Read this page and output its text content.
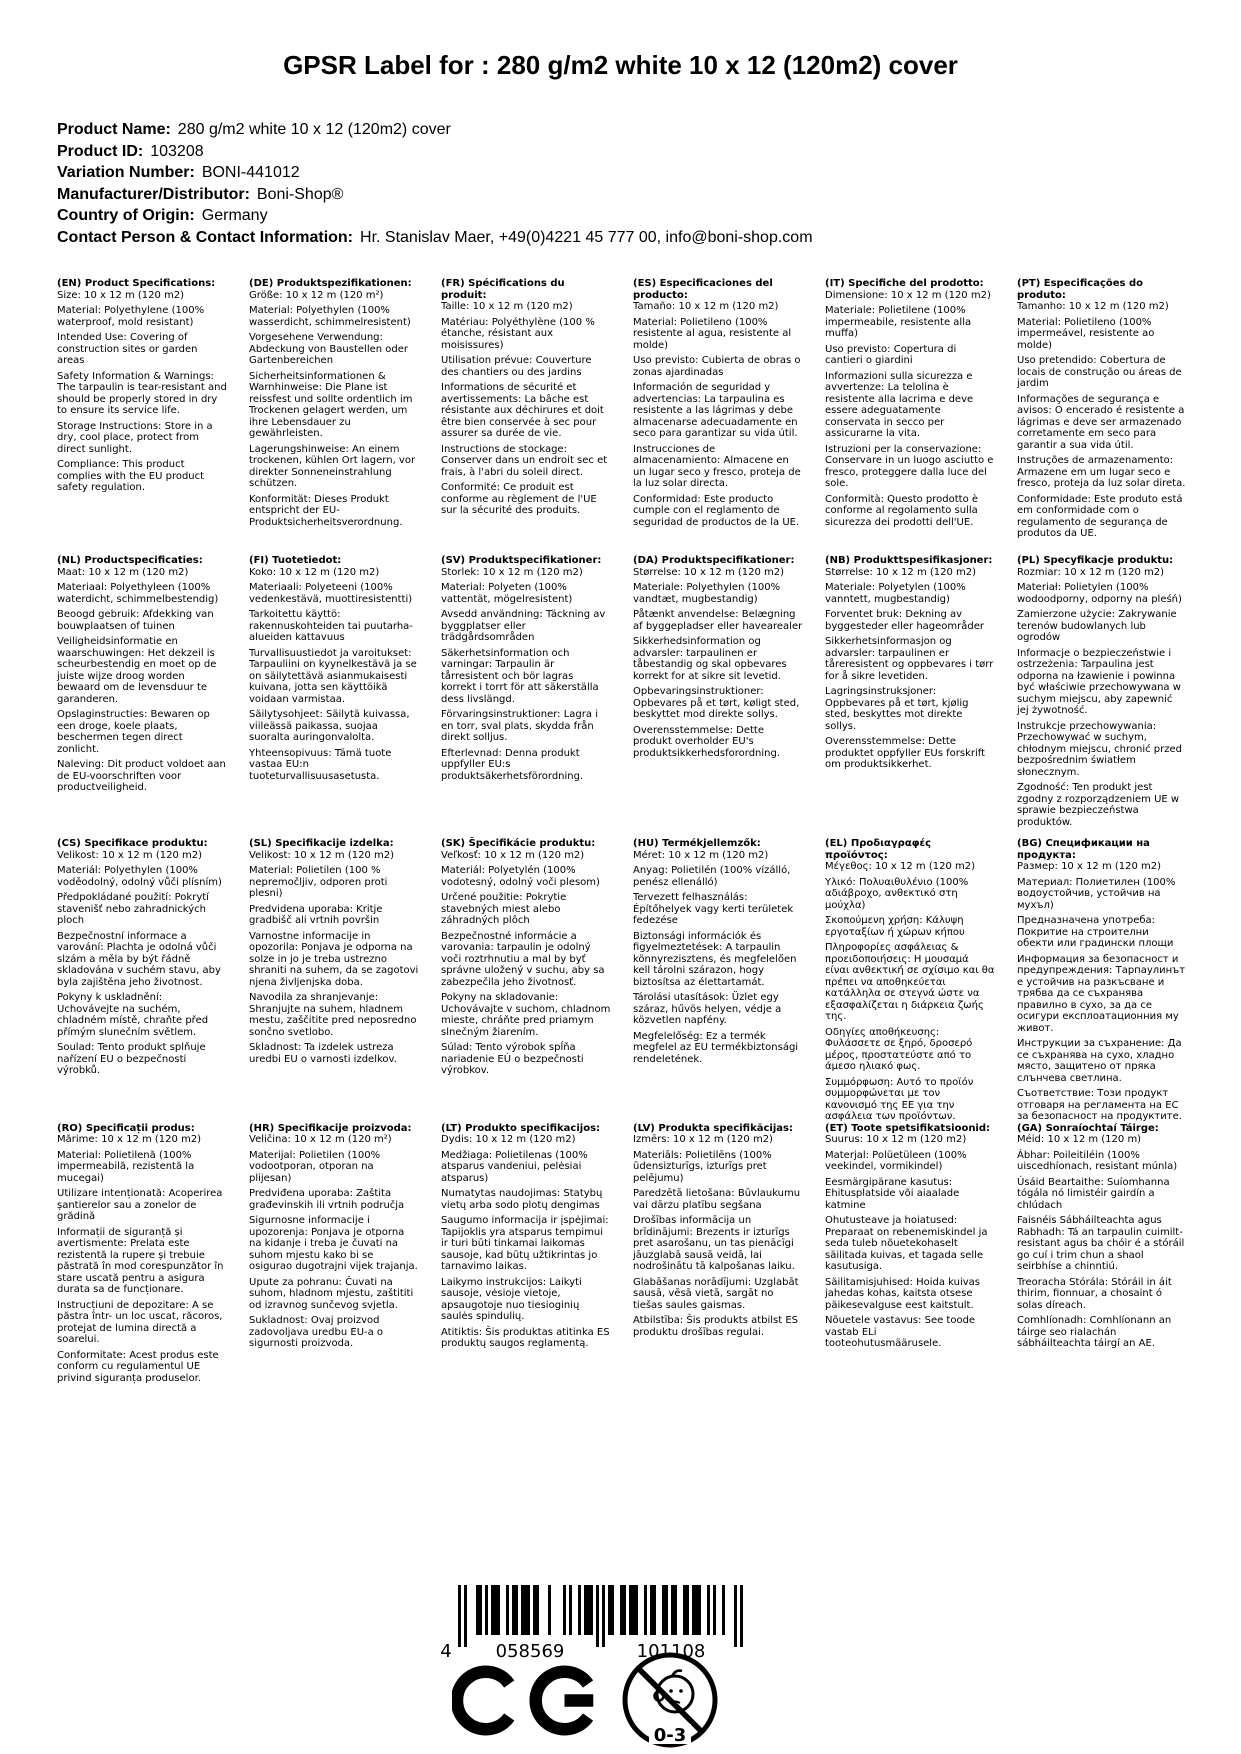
GPSR Label for : 280 g/m2 white 10 x 12 (120m2) cover
Product Name: 280 g/m2 white 10 x 12 (120m2) cover
Product ID: 103208
Variation Number: BONI-441012
Manufacturer/Distributor: Boni-Shop®
Country of Origin: Germany
Contact Person & Contact Information: Hr. Stanislav Maer, +49(0)4221 45 777 00, info@boni-shop.com
(EN) Product Specifications:

Size: 10 x 12 m (120 m2)

Material: Polyethylene (100% waterproof, mold resistant)

Intended Use: Covering of construction sites or garden areas

Safety Information & Warnings: The tarpaulin is tear-resistant and should be properly stored in dry to ensure its service life.

Storage Instructions: Store in a dry, cool place, protect from direct sunlight.

Compliance: This product complies with the EU product safety regulation.

(DE) Produktspezifikationen:

Größe: 10 x 12 m (120 m²)

Material: Polyethylen (100% wasserdicht, schimmelresistent)

Vorgesehene Verwendung: Abdeckung von Baustellen oder Gartenbereichen

Sicherheitsinformationen & Warnhinweise: Die Plane ist reissfest und sollte ordentlich im Trockenen gelagert werden, um ihre Lebensdauer zu gewährleisten.

Lagerungshinweise: An einem trockenen, kühlen Ort lagern, vor direkter Sonneneinstrahlung schützen.

Konformität: Dieses Produkt entspricht der EU-Produktsicherheitsverordnung.

(FR) Spécifications du produit:

Taille: 10 x 12 m (120 m2)

Matériau: Polyéthylène (100 % étanche, résistant aux moisissures)

Utilisation prévue: Couverture des chantiers ou des jardins

Informations de sécurité et avertissements: La bâche est résistante aux déchirures et doit être bien conservée à sec pour assurer sa durée de vie.

Instructions de stockage: Conserver dans un endroit sec et frais, à l'abri du soleil direct.

Conformité: Ce produit est conforme au règlement de l'UE sur la sécurité des produits.

(ES) Especificaciones del producto:

Tamaño: 10 x 12 m (120 m2)

Material: Polietileno (100% resistente al agua, resistente al molde)

Uso previsto: Cubierta de obras o zonas ajardinadas

Información de seguridad y advertencias: La tarpaulina es resistente a las lágrimas y debe almacenarse adecuadamente en seco para garantizar su vida útil.

Instrucciones de almacenamiento: Almacene en un lugar seco y fresco, proteja de la luz solar directa.

Conformidad: Este producto cumple con el reglamento de seguridad de productos de la UE.

(IT) Specifiche del prodotto:

Dimensione: 10 x 12 m (120 m2)

Materiale: Polietilene (100% impermeabile, resistente alla muffa)

Uso previsto: Copertura di cantieri o giardini

Informazioni sulla sicurezza e avvertenze: La telolina è resistente alla lacrima e deve essere adeguatamente conservata in secco per assicurarne la vita.

Istruzioni per la conservazione: Conservare in un luogo asciutto e fresco, proteggere dalla luce del sole.

Conformità: Questo prodotto è conforme al regolamento sulla sicurezza dei prodotti dell'UE.

(PT) Especificações do produto:

Tamanho: 10 x 12 m (120 m2)

Material: Polietileno (100% impermeável, resistente ao molde)

Uso pretendido: Cobertura de locais de construção ou áreas de jardim

Informações de segurança e avisos: O encerado é resistente a lágrimas e deve ser armazenado corretamente em seco para garantir a sua vida útil.

Instruções de armazenamento: Armazene em um lugar seco e fresco, proteja da luz solar direta.

Conformidade: Este produto está em conformidade com o regulamento de segurança de produtos da UE.

(NL) Productspecificaties:

Maat: 10 x 12 m (120 m2)

Materiaal: Polyethyleen (100% waterdicht, schimmelbestendig)

Beoogd gebruik: Afdekking van bouwplaatsen of tuinen

Veiligheidsinformatie en waarschuwingen: Het dekzeil is scheurbestendig en moet op de juiste wijze droog worden bewaard om de levensduur te garanderen.

Opslaginstructies: Bewaren op een droge, koele plaats, beschermen tegen direct zonlicht.

Naleving: Dit product voldoet aan de EU-voorschriften voor productveiligheid.

(FI) Tuotetiedot:

Koko: 10 x 12 m (120 m2)

Materiaali: Polyeteeni (100% vedenkestävä, muottiresistentti)

Tarkoitettu käyttö: rakennuskohteiden tai puutarha-alueiden kattavuus

Turvallisuustiedot ja varoitukset: Tarpauliini on kyynelkestävä ja se on säilytettävä asianmukaisesti kuivana, jotta sen käyttöikä voidaan varmistaa.

Säilytysohjeet: Säilytä kuivassa, viileässä paikassa, suojaa suoralta auringonvalolta.

Yhteensopivuus: Tämä tuote vastaa EU:n tuoteturvallisuusasetusta.

(SV) Produktspecifikationer:

Storlek: 10 x 12 m (120 m2)

Material: Polyeten (100% vattentät, mögelresistent)

Avsedd användning: Täckning av byggplatser eller trädgårdsområden

Säkerhetsinformation och varningar: Tarpaulin är tårresistent och bör lagras korrekt i torrt för att säkerställa dess livslängd.

Förvaringsinstruktioner: Lagra i en torr, sval plats, skydda från direkt solljus.

Efterlevnad: Denna produkt uppfyller EU:s produktsäkerhetsförordning.

(DA) Produktspecifikationer:

Størrelse: 10 x 12 m (120 m2)

Materiale: Polyethylen (100% vandtæt, mugbestandig)

Påtænkt anvendelse: Belægning af byggepladser eller havearealer

Sikkerhedsinformation og advarsler: tarpaulinen er tåbestandig og skal opbevares korrekt for at sikre sit levetid.

Opbevaringsinstruktioner: Opbevares på et tørt, køligt sted, beskyttet mod direkte sollys.

Overensstemmelse: Dette produkt overholder EU's produktsikkerhedsforordning.

(NB) Produkttspesifikasjoner:

Størrelse: 10 x 12 m (120 m2)

Materiale: Polyetylen (100% vanntett, mugbestandig)

Forventet bruk: Dekning av byggesteder eller hageområder

Sikkerhetsinformasjon og advarsler: tarpaulinen er tåreresistent og oppbevares i tørr for å sikre levetiden.

Lagringsinstruksjoner: Oppbevares på et tørt, kjølig sted, beskyttes mot direkte sollys.

Overensstemmelse: Dette produktet oppfyller EUs forskrift om produktsikkerhet.

(PL) Specyfikacje produktu:

Rozmiar: 10 x 12 m (120 m2)

Materiał: Polietylen (100% wodoodporny, odporny na pleśń)

Zamierzone użycie: Zakrywanie terenów budowlanych lub ogrodów

Informacje o bezpieczeństwie i ostrzeżenia: Tarpaulina jest odporna na łzawienie i powinna być właściwie przechowywana w suchym miejscu, aby zapewnić jej żywotność.

Instrukcje przechowywania: Przechowywać w suchym, chłodnym miejscu, chronić przed bezpośrednim światłem słonecznym.

Zgodność: Ten produkt jest zgodny z rozporządzeniem UE w sprawie bezpieczeństwa produktów.

(CS) Specifikace produktu:

Velikost: 10 x 12 m (120 m2)

Materiál: Polyethylen (100% voděodolný, odolný vůči plísním)

Předpokládané použití: Pokrytí stavenišť nebo zahradnických ploch

Bezpečnostní informace a varování: Plachta je odolná vůči slzám a měla by být řádně skladována v suchém stavu, aby byla zajištěna jeho životnost.

Pokyny k uskladnění: Uchovávejte na suchém, chladném místě, chraňte před přímým slunečním světlem.

Soulad: Tento produkt splňuje nařízení EU o bezpečnosti výrobků.

(SL) Specifikacije izdelka:

Velikost: 10 x 12 m (120 m2)

Material: Polietilen (100 % nepremočljiv, odporen proti plesni)

Predvidena uporaba: Kritje gradbišč ali vrtnih površin

Varnostne informacije in opozorila: Ponjava je odporna na solze in jo je treba ustrezno shraniti na suhem, da se zagotovi njena življenjska doba.

Navodila za shranjevanje: Shranjujte na suhem, hladnem mestu, zaščitite pred neposredno sončno svetlobo.

Skladnost: Ta izdelek ustreza uredbi EU o varnosti izdelkov.

(SK) Špecifikácie produktu:

Veľkosť: 10 x 12 m (120 m2)

Materiál: Polyetylén (100% vodotesný, odolný voči plesom)

Určené použitie: Pokrytie stavebných miest alebo záhradných plôch

Bezpečnostné informácie a varovania: tarpaulin je odolný voči roztrhnutiu a mal by byť správne uložený v suchu, aby sa zabezpečila jeho životnosť.

Pokyny na skladovanie: Uchovávajte v suchom, chladnom mieste, chráňte pred priamym slnečným žiarením.

Súlad: Tento výrobok spĺňa nariadenie EÚ o bezpečnosti výrobkov.

(HU) Termékjellemzők:

Méret: 10 x 12 m (120 m2)

Anyag: Polietilén (100% vízálló, penész ellenálló)

Tervezett felhasználás: Építőhelyek vagy kerti területek fedezése

Biztonsági információk és figyelmeztetések: A tarpaulin könnyrezisztens, és megfelelően kell tárolni szárazon, hogy biztosítsa az élettartamát.

Tárolási utasítások: Üzlet egy száraz, hűvös helyen, védje a közvetlen napfény.

Megfelelőség: Ez a termék megfelel az EU termékbiztonsági rendeletének.

(EL) Προδιαγραφές προϊόντος:

Μέγεθος: 10 x 12 m (120 m2)

Υλικό: Πολυαιθυλένιο (100% αδιάβροχο, ανθεκτικό στη μούχλα)

Σκοπούμενη χρήση: Κάλυψη εργοταξίων ή χώρων κήπου

Πληροφορίες ασφάλειας & προειδοποιήσεις: Η μουσαμά είναι ανθεκτική σε σχίσιμο και θα πρέπει να αποθηκεύεται κατάλληλα σε στεγνά ώστε να εξασφαλίζεται η διάρκεια ζωής της.

Οδηγίες αποθήκευσης: Φυλάσσετε σε ξηρό, δροσερό μέρος, προστατεύστε από το άμεσο ηλιακό φως.

Συμμόρφωση: Αυτό το προϊόν συμμορφώνεται με τον κανονισμό της ΕΕ για την ασφάλεια των προϊόντων.

(BG) Спецификации на продукта:

Размер: 10 x 12 m (120 m2)

Материал: Полиетилен (100% водоустойчив, устойчив на мухъл)

Предназначена употреба: Покритие на строителни обекти или градински площи

Информация за безопасност и предупреждения: Тарпаулинът е устойчив на разкъсване и трябва да се съхранява правилно в сухо, за да се осигури експлоатационния му живот.

Инструкции за съхранение: Да се съхранява на сухо, хладно място, защитено от пряка слънчева светлина.

Съответствие: Този продукт отговаря на регламента на ЕС за безопасност на продуктите.

(RO) Specificații produs:

Mărime: 10 x 12 m (120 m2)

Material: Polietilenă (100% impermeabilă, rezistentă la mucegai)

Utilizare intenționată: Acoperirea șantierelor sau a zonelor de grădină

Informații de siguranță și avertismente: Prelata este rezistentă la rupere și trebuie păstrată în mod corespunzător în stare uscată pentru a asigura durata sa de funcționare.

Instrucțiuni de depozitare: A se păstra într- un loc uscat, răcoros, protejat de lumina directă a soarelui.

Conformitate: Acest produs este conform cu regulamentul UE privind siguranța produselor.

(HR) Specifikacije proizvoda:

Veličina: 10 x 12 m (120 m²)

Materijal: Polietilen (100% vodootporan, otporan na plijesan)

Predviđena uporaba: Zaštita građevinskih ili vrtnih područja

Sigurnosne informacije i upozorenja: Ponjava je otporna na kidanje i treba je čuvati na suhom mjestu kako bi se osigurao dugotrajni vijek trajanja.

Upute za pohranu: Čuvati na suhom, hladnom mjestu, zaštititi od izravnog sunčevog svjetla.

Sukladnost: Ovaj proizvod zadovoljava uredbu EU-a o sigurnosti proizvoda.

(LT) Produkto specifikacijos:

Dydis: 10 x 12 m (120 m2)

Medžiaga: Polietilenas (100% atsparus vandeniui, pelėsiai atsparus)

Numatytas naudojimas: Statybų vietų arba sodo plotų dengimas

Saugumo informacija ir įspėjimai: Tapijoklis yra atsparus tempimui ir turi būti tinkamai laikomas sausoje, kad būtų užtikrintas jo tarnavimo laikas.

Laikymo instrukcijos: Laikyti sausoje, vėsioje vietoje, apsaugotoje nuo tiesioginių saulės spindulių.

Atitiktis: Šis produktas atitinka ES produktų saugos reglamentą.

(LV) Produkta specifikācijas:

Izmērs: 10 x 12 m (120 m2)

Materiāls: Polietilēns (100% ūdensizturīgs, izturīgs pret pelējumu)

Paredzētā lietošana: Būvlaukumu vai dārzu platību segšana

Drošības informācija un brīdinājumi: Brezents ir izturīgs pret asarošanu, un tas pienācīgi jāuzglabā sausā veidā, lai nodrošinātu tā kalpošanas laiku.

Glabāšanas norādījumi: Uzglabāt sausā, vēsā vietā, sargāt no tiešas saules gaismas.

Atbilstība: Šis produkts atbilst ES produktu drošības regulai.

(ET) Toote spetsifikatsioonid:

Suurus: 10 x 12 m (120 m2)

Materjal: Polüetüleen (100% veekindel, vormikindel)

Eesmärgipärane kasutus: Ehitusplatside või aiaalade katmine

Ohutusteave ja hoiatused: Preparaat on rebenemiskindel ja seda tuleb nõuetekohaselt säilitada kuivas, et tagada selle kasutusiga.

Säilitamisjuhised: Hoida kuivas jahedas kohas, kaitsta otsese päikesevalguse eest kaitstult.

Nõuetele vastavus: See toode vastab ELi tooteohutusmäärusele.

(GA) Sonraíochtaí Táirge:

Méid: 10 x 12 m (120 m)

Ábhar: Poileitiléin (100% uiscedhíonach, resistant múnla)

Úsáid Beartaithe: Suíomhanna tógála nó limistéir gairdín a chlúdach

Faisnéis Sábháilteachta agus Rabhadh: Tá an tarpaulin cuimilt-resistant agus ba chóir é a stóráil go cuí i trim chun a shaol seirbhíse a chinntiú.

Treoracha Stórála: Stóráil in áit thirim, fionnuar, a chosaint ó solas díreach.

Comhlíonadh: Comhlíonann an táirge seo rialachán sábháilteachta táirgí an AE.

4 058569	101108
0-3
